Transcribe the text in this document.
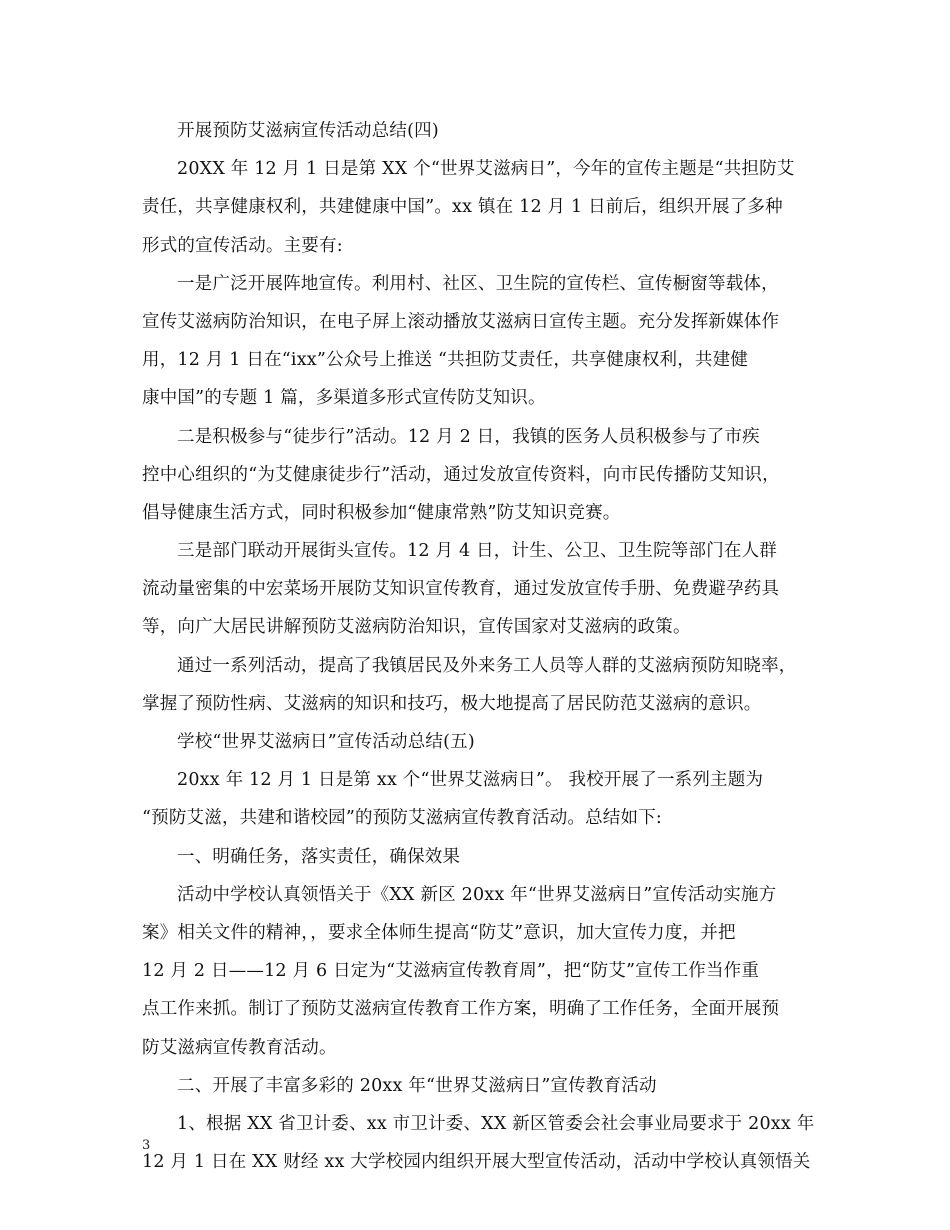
开展预防艾滋病宣传活动总结(四)
20XX 年 12 月 1 日是第 XX 个“世界艾滋病日”，今年的宣传主题是“共担防艾
责任，共享健康权利，共建健康中国”。xx 镇在 12 月 1 日前后，组织开展了多种
形式的宣传活动。主要有:
一是广泛开展阵地宣传。利用村、社区、卫生院的宣传栏、宣传橱窗等载体，
宣传艾滋病防治知识，在电子屏上滚动播放艾滋病日宣传主题。充分发挥新媒体作
用，12 月 1 日在“ixx”公众号上推送 “共担防艾责任，共享健康权利，共建健
康中国”的专题 1 篇，多渠道多形式宣传防艾知识。
二是积极参与“徒步行”活动。12 月 2 日，我镇的医务人员积极参与了市疾
控中心组织的“为艾健康徒步行”活动，通过发放宣传资料，向市民传播防艾知识，
倡导健康生活方式，同时积极参加“健康常熟”防艾知识竞赛。
三是部门联动开展街头宣传。12 月 4 日，计生、公卫、卫生院等部门在人群
流动量密集的中宏菜场开展防艾知识宣传教育，通过发放宣传手册、免费避孕药具
等，向广大居民讲解预防艾滋病防治知识，宣传国家对艾滋病的政策。
通过一系列活动，提高了我镇居民及外来务工人员等人群的艾滋病预防知晓率，
掌握了预防性病、艾滋病的知识和技巧，极大地提高了居民防范艾滋病的意识。
学校“世界艾滋病日”宣传活动总结(五)
20xx 年 12 月 1 日是第 xx 个“世界艾滋病日”。 我校开展了一系列主题为
“预防艾滋，共建和谐校园”的预防艾滋病宣传教育活动。总结如下:
一、明确任务，落实责任，确保效果
活动中学校认真领悟关于《XX 新区 20xx 年“世界艾滋病日”宣传活动实施方
案》相关文件的精神，，要求全体师生提高“防艾”意识，加大宣传力度，并把
12 月 2 日——12 月 6 日定为“艾滋病宣传教育周”，把“防艾”宣传工作当作重
点工作来抓。制订了预防艾滋病宣传教育工作方案，明确了工作任务，全面开展预
防艾滋病宣传教育活动。
二、开展了丰富多彩的 20xx 年“世界艾滋病日”宣传教育活动
1、根据 XX 省卫计委、xx 市卫计委、XX 新区管委会社会事业局要求于 20xx 年
12 月 1 日在 XX 财经 xx 大学校园内组织开展大型宣传活动，活动中学校认真领悟关
3
